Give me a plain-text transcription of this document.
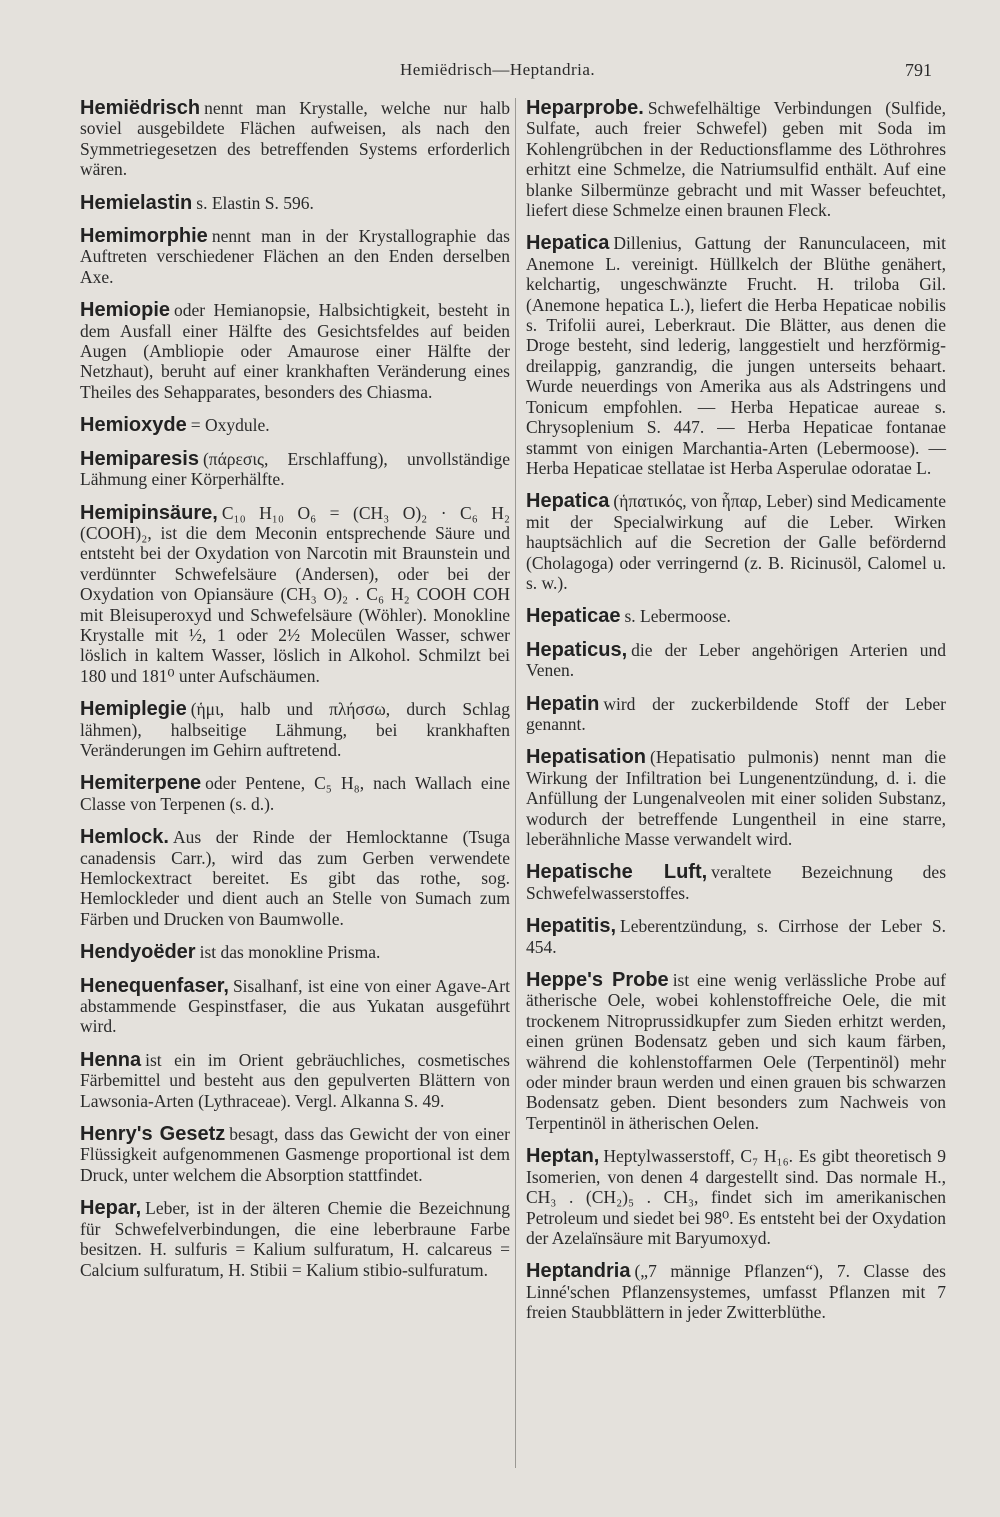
Hemiëdrisch—Heptandria.	791

Hemiëdrisch nennt man Krystalle, welche nur halb soviel ausgebildete Flächen aufweisen, als nach den Symmetriegesetzen des betreffenden Systems erforderlich wären.

Hemielastin s. Elastin S. 596.

Hemimorphie nennt man in der Krystallographie das Auftreten verschiedener Flächen an den Enden derselben Axe.

Hemiopie oder Hemianopsie, Halbsichtigkeit, besteht in dem Ausfall einer Hälfte des Gesichtsfeldes auf beiden Augen (Ambliopie oder Amaurose einer Hälfte der Netzhaut), beruht auf einer krankhaften Veränderung eines Theiles des Sehapparates, besonders des Chiasma.

Hemioxyde = Oxydule.

Hemiparesis (πάρεσις, Erschlaffung), unvollständige Lähmung einer Körperhälfte.

Hemipinsäure, C₁₀ H₁₀ O₆ = (CH₃ O)₂ · C₆ H₂ (COOH)₂, ist die dem Meconin entsprechende Säure und entsteht bei der Oxydation von Narcotin mit Braunstein und verdünnter Schwefelsäure (Andersen), oder bei der Oxydation von Opiansäure (CH₃ O)₂ . C₆ H₂ COOH COH mit Bleisuperoxyd und Schwefelsäure (Wöhler). Monokline Krystalle mit ½, 1 oder 2½ Molecülen Wasser, schwer löslich in kaltem Wasser, löslich in Alkohol. Schmilzt bei 180 und 181⁰ unter Aufschäumen.

Hemiplegie (ἡμι, halb und πλήσσω, durch Schlag lähmen), halbseitige Lähmung, bei krankhaften Veränderungen im Gehirn auftretend.

Hemiterpene oder Pentene, C₅ H₈, nach Wallach eine Classe von Terpenen (s. d.).

Hemlock. Aus der Rinde der Hemlocktanne (Tsuga canadensis Carr.), wird das zum Gerben verwendete Hemlockextract bereitet. Es gibt das rothe, sog. Hemlockleder und dient auch an Stelle von Sumach zum Färben und Drucken von Baumwolle.

Hendyoëder ist das monokline Prisma.

Henequenfaser, Sisalhanf, ist eine von einer Agave-Art abstammende Gespinstfaser, die aus Yukatan ausgeführt wird.

Henna ist ein im Orient gebräuchliches, cosmetisches Färbemittel und besteht aus den gepulverten Blättern von Lawsonia-Arten (Lythraceae). Vergl. Alkanna S. 49.

Henry's Gesetz besagt, dass das Gewicht der von einer Flüssigkeit aufgenommenen Gasmenge proportional ist dem Druck, unter welchem die Absorption stattfindet.

Hepar, Leber, ist in der älteren Chemie die Bezeichnung für Schwefelverbindungen, die eine leberbraune Farbe besitzen. H. sulfuris = Kalium sulfuratum, H. calcareus = Calcium sulfuratum, H. Stibii = Kalium stibio-sulfuratum.

Heparprobe. Schwefelhältige Verbindungen (Sulfide, Sulfate, auch freier Schwefel) geben mit Soda im Kohlengrübchen in der Reductionsflamme des Löthrohres erhitzt eine Schmelze, die Natriumsulfid enthält. Auf eine blanke Silbermünze gebracht und mit Wasser befeuchtet, liefert diese Schmelze einen braunen Fleck.

Hepatica Dillenius, Gattung der Ranunculaceen, mit Anemone L. vereinigt. Hüllkelch der Blüthe genähert, kelchartig, ungeschwänzte Frucht. H. triloba Gil. (Anemone hepatica L.), liefert die Herba Hepaticae nobilis s. Trifolii aurei, Leberkraut. Die Blätter, aus denen die Droge besteht, sind lederig, langgestielt und herzförmig-dreilappig, ganzrandig, die jungen unterseits behaart. Wurde neuerdings von Amerika aus als Adstringens und Tonicum empfohlen. — Herba Hepaticae aureae s. Chrysoplenium S. 447. — Herba Hepaticae fontanae stammt von einigen Marchantia-Arten (Lebermoose). — Herba Hepaticae stellatae ist Herba Asperulae odoratae L.

Hepatica (ἡπατικός, von ἧπαρ, Leber) sind Medicamente mit der Specialwirkung auf die Leber. Wirken hauptsächlich auf die Secretion der Galle befördernd (Cholagoga) oder verringernd (z. B. Ricinusöl, Calomel u. s. w.).

Hepaticae s. Lebermoose.

Hepaticus, die der Leber angehörigen Arterien und Venen.

Hepatin wird der zuckerbildende Stoff der Leber genannt.

Hepatisation (Hepatisatio pulmonis) nennt man die Wirkung der Infiltration bei Lungenentzündung, d. i. die Anfüllung der Lungenalveolen mit einer soliden Substanz, wodurch der betreffende Lungentheil in eine starre, leberähnliche Masse verwandelt wird.

Hepatische Luft, veraltete Bezeichnung des Schwefelwasserstoffes.

Hepatitis, Leberentzündung, s. Cirrhose der Leber S. 454.

Heppe's Probe ist eine wenig verlässliche Probe auf ätherische Oele, wobei kohlenstoffreiche Oele, die mit trockenem Nitroprussidkupfer zum Sieden erhitzt werden, einen grünen Bodensatz geben und sich kaum färben, während die kohlenstoffarmen Oele (Terpentinöl) mehr oder minder braun werden und einen grauen bis schwarzen Bodensatz geben. Dient besonders zum Nachweis von Terpentinöl in ätherischen Oelen.

Heptan, Heptylwasserstoff, C₇ H₁₆. Es gibt theoretisch 9 Isomerien, von denen 4 dargestellt sind. Das normale H., CH₃ . (CH₂)₅ . CH₃, findet sich im amerikanischen Petroleum und siedet bei 98⁰. Es entsteht bei der Oxydation der Azelaïnsäure mit Baryumoxyd.

Heptandria („7 männige Pflanzen“), 7. Classe des Linné'schen Pflanzensystemes, umfasst Pflanzen mit 7 freien Staubblättern in jeder Zwitterblüthe.
